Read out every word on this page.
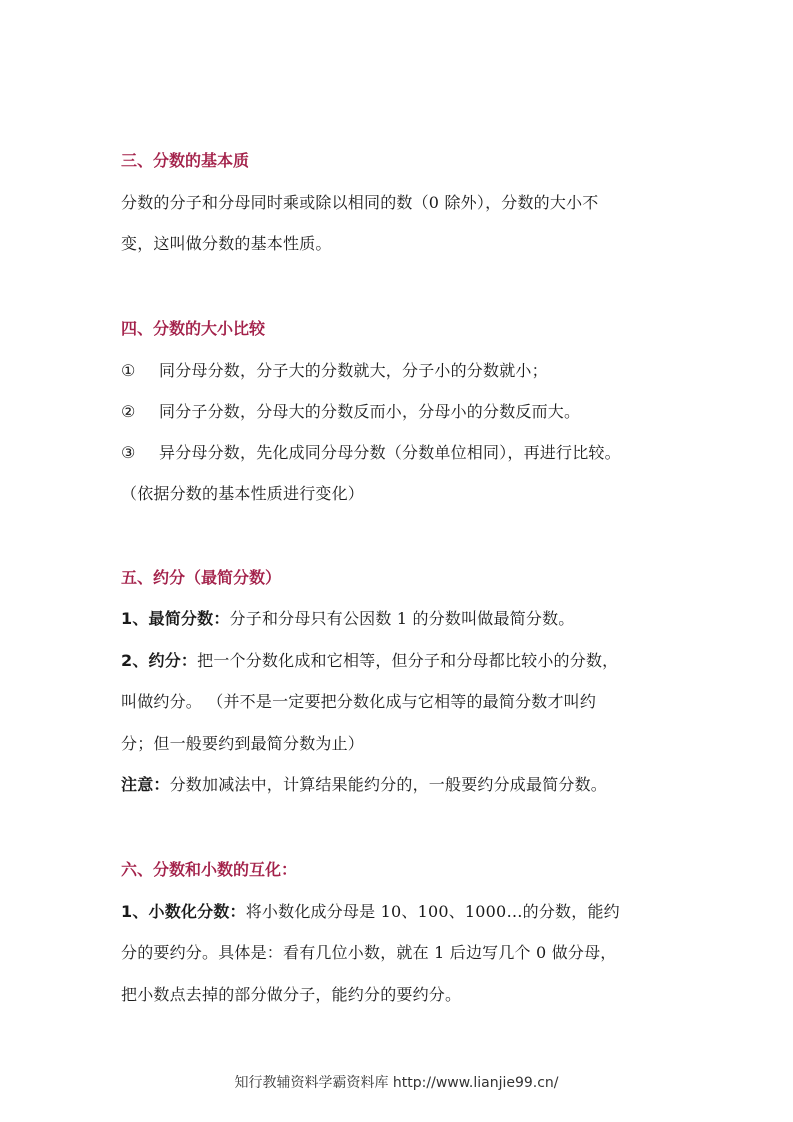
三、分数的基本质
分数的分子和分母同时乘或除以相同的数（0 除外），分数的大小不
变，这叫做分数的基本性质。
四、分数的大小比较
① 同分母分数，分子大的分数就大，分子小的分数就小；
② 同分子分数，分母大的分数反而小，分母小的分数反而大。
③ 异分母分数，先化成同分母分数（分数单位相同），再进行比较。
（依据分数的基本性质进行变化）
五、约分（最简分数）
1、最简分数：分子和分母只有公因数 1 的分数叫做最简分数。
2、约分：把一个分数化成和它相等，但分子和分母都比较小的分数，
叫做约分。 （并不是一定要把分数化成与它相等的最简分数才叫约
分；但一般要约到最简分数为止）
注意：分数加减法中，计算结果能约分的，一般要约分成最简分数。
六、分数和小数的互化：
1、小数化分数：将小数化成分母是 10、100、1000…的分数，能约
分的要约分。具体是：看有几位小数，就在 1 后边写几个 0 做分母，
把小数点去掉的部分做分子，能约分的要约分。
知行教辅资料学霸资料库 http://www.lianjie99.cn/
